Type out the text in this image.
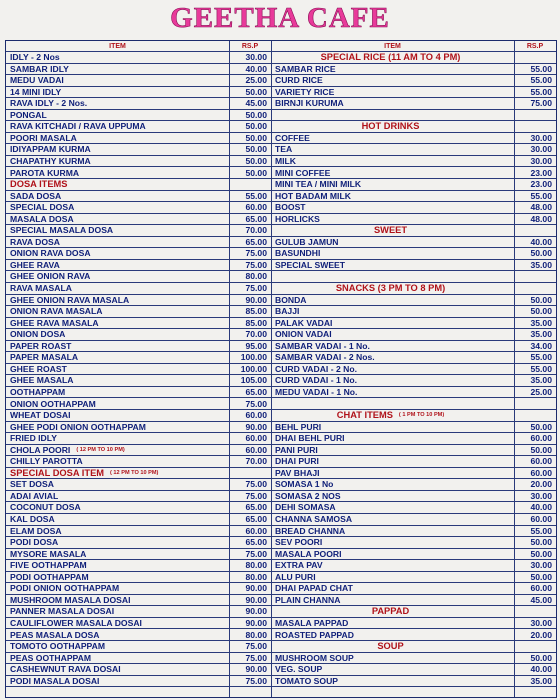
GEETHA CAFE
ITEM	RS.P	ITEM	RS.P
IDLY - 2 Nos	30.00
SAMBAR IDLY	40.00
MEDU VADAI	25.00
14 MINI IDLY	50.00
RAVA IDLY - 2 Nos.	45.00
PONGAL	50.00
RAVA KITCHADI / RAVA UPPUMA	50.00
POORI MASALA	50.00
IDIYAPPAM KURMA	50.00
CHAPATHY KURMA	50.00
PAROTA KURMA	50.00
DOSA ITEMS
SADA DOSA	55.00
SPECIAL DOSA	60.00
MASALA DOSA	65.00
SPECIAL MASALA DOSA	70.00
RAVA DOSA	65.00
ONION RAVA DOSA	75.00
GHEE RAVA	75.00
GHEE ONION RAVA	80.00
RAVA MASALA	75.00
GHEE ONION RAVA MASALA	90.00
ONION RAVA MASALA	85.00
GHEE RAVA MASALA	85.00
ONION DOSA	70.00
PAPER ROAST	95.00
PAPER MASALA	100.00
GHEE ROAST	100.00
GHEE MASALA	105.00
OOTHAPPAM	65.00
ONION OOTHAPPAM	75.00
WHEAT DOSAI	60.00
GHEE PODI ONION OOTHAPPAM	90.00
FRIED IDLY	60.00
CHOLA POORI $^{( 12 PM TO 10 PM)}$	60.00
CHILLY PAROTTA	70.00
SPECIAL DOSA ITEM $^{( 12 PM TO 10 PM)}$
SET DOSA	75.00
ADAI AVIAL	75.00
COCONUT DOSA	65.00
KAL DOSA	65.00
ELAM DOSA	60.00
PODI DOSA	65.00
MYSORE MASALA	75.00
FIVE OOTHAPPAM	80.00
PODI OOTHAPPAM	80.00
PODI ONION OOTHAPPAM	90.00
MUSHROOM MASALA DOSAI	90.00
PANNER MASALA DOSAI	90.00
CAULIFLOWER MASALA DOSAI	90.00
PEAS MASALA DOSA	80.00
TOMOTO OOTHAPPAM	75.00
PEAS OOTHAPPAM	75.00
CASHEWNUT RAVA DOSAI	90.00
PODI MASALA DOSAI	75.00
SPECIAL RICE (11 AM TO 4 PM)
SAMBAR RICE	55.00
CURD RICE	55.00
VARIETY RICE	55.00
BIRNJI KURUMA	75.00
HOT DRINKS
COFFEE	30.00
TEA	30.00
MILK	30.00
MINI COFFEE	23.00
MINI TEA / MINI MILK	23.00
HOT BADAM MILK	55.00
BOOST	48.00
HORLICKS	48.00
SWEET
GULUB JAMUN	40.00
BASUNDHI	50.00
SPECIAL SWEET	35.00
SNACKS (3 PM TO 8 PM)
BONDA	50.00
BAJJI	50.00
PALAK VADAI	35.00
ONION VADAI	35.00
SAMBAR VADAI - 1 No.	34.00
SAMBAR VADAI - 2 Nos.	55.00
CURD VADAI - 2 No.	55.00
CURD VADAI - 1 No.	35.00
MEDU VADAI - 1 No.	25.00
CHAT ITEMS $^{( 1 PM TO 10 PM)}$
BEHL PURI	50.00
DHAI BEHL PURI	60.00
PANI PURI	50.00
DHAI PURI	60.00
PAV BHAJI	60.00
SOMASA 1 No	20.00
SOMASA 2 NOS	30.00
DEHI SOMASA	40.00
CHANNA SAMOSA	60.00
BREAD CHANNA	55.00
SEV POORI	50.00
MASALA POORI	50.00
EXTRA PAV	30.00
ALU PURI	50.00
DHAI PAPAD CHAT	60.00
PLAIN CHANNA	45.00
PAPPAD
MASALA PAPPAD	30.00
ROASTED PAPPAD	20.00
SOUP
MUSHROOM SOUP	50.00
VEG. SOUP	40.00
TOMATO SOUP	35.00
